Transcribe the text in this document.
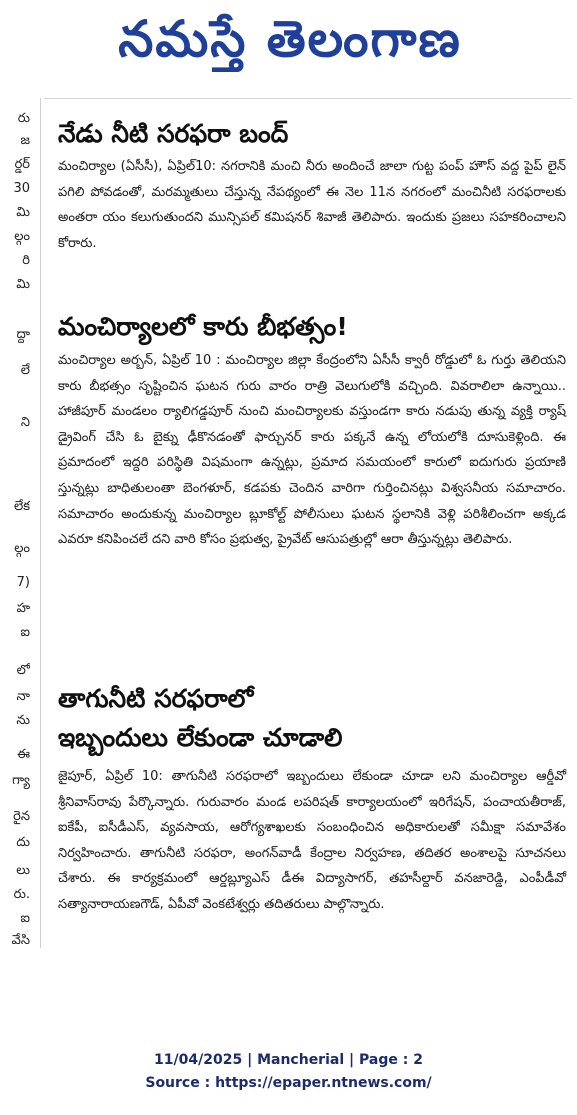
నమస్తే తెలంగాణ
రు
జ
ర్డర్
30
మి
ల్గం
రి
మి
ద్దా
లే
ని
లేక
ల్గం
7)
హ
ఐ
లో
నా
ను
ఈ
గ్యా
రైన
దు
లు
రు.
ఐ
వేసి
నేడు నీటి సరఫరా బంద్

మంచిర్యాల (ఏసీసీ), ఏప్రిల్10: నగరానికి మంచి నీరు అందించే జాలా గుట్ట పంప్ హౌస్ వద్ద పైప్ లైన్ పగిలి పోవడంతో, మరమ్మతులు చేస్తున్న నేపథ్యంలో ఈ నెల 11న నగరంలో మంచినీటి సరఫరాలకు అంతరా యం కలుగుతుందని మున్సిపల్ కమిషనర్ శివాజీ తెలిపారు. ఇందుకు ప్రజలు సహకరించాలని కోరారు.

మంచిర్యాలలో కారు బీభత్సం!

మంచిర్యాల అర్బన్, ఏప్రిల్ 10 : మంచిర్యాల జిల్లా కేంద్రంలోని ఏసీసీ క్వారీ రోడ్డులో ఓ గుర్తు తెలియని కారు బీభత్సం సృష్టించిన ఘటన గురు వారం రాత్రి వెలుగులోకి వచ్చింది. వివరాలిలా ఉన్నాయి.. హాజీపూర్ మండలం ర్యాలిగడ్డపూర్ నుంచి మంచిర్యాలకు వస్తుండగా కారు నడుపు తున్న వ్యక్తి ర్యాష్ డ్రైవింగ్ చేసి ఓ బైక్ను ఢీకొనడంతో ఫార్చునర్ కారు పక్కనే ఉన్న లోయలోకి దూసుకెళ్లింది. ఈ ప్రమాదంలో ఇద్దరి పరిస్థితి విషమంగా ఉన్నట్లు, ప్రమాద సమయంలో కారులో ఐదుగురు ప్రయాణి స్తున్నట్లు బాధితులంతా బెంగళూర్, కడపకు చెందిన వారిగా గుర్తించినట్లు విశ్వసనీయ సమాచారం. సమాచారం అందుకున్న మంచిర్యాల బ్లూకోల్ట్ పోలీసులు ఘటన స్థలానికి వెళ్లి పరిశీలించగా అక్కడ ఎవరూ కనిపించలే దని వారి కోసం ప్రభుత్వ, ప్రైవేట్ ఆసుపత్రుల్లో ఆరా తీస్తున్నట్లు తెలిపారు.

తాగునీటి సరఫరాలో
ఇబ్బందులు లేకుండా చూడాలి

జైపూర్, ఏప్రిల్ 10: తాగునీటి సరఫరాలో ఇబ్బందులు లేకుండా చూడా లని మంచిర్యాల ఆర్డీవో శ్రీనివాస్‌రావు పేర్కొన్నారు. గురువారం మండ లపరిషత్ కార్యాలయంలో ఇరిగేషన్, పంచాయతీరాజ్, ఐకేపీ, ఐసీడీఎస్, వ్యవసాయ, ఆరోగ్యశాఖలకు సంబంధించిన అధికారులతో సమీక్షా సమావేశం నిర్వహించారు. తాగునీటి సరఫరా, అంగన్‌వాడీ కేంద్రాల నిర్వహణ, తదితర అంశాలపై సూచనలు చేశారు. ఈ కార్యక్రమంలో ఆర్డబ్ల్యూఎస్ డీఈ విద్యాసాగర్, తహసీల్దార్ వనజారెడ్డి, ఎంపీడీవో సత్యానారాయణగౌడ్, ఏపీవో వెంకటేశ్వర్లు తదితరులు పాల్గొన్నారు.

11/04/2025 | Mancherial | Page : 2
Source : https://epaper.ntnews.com/
